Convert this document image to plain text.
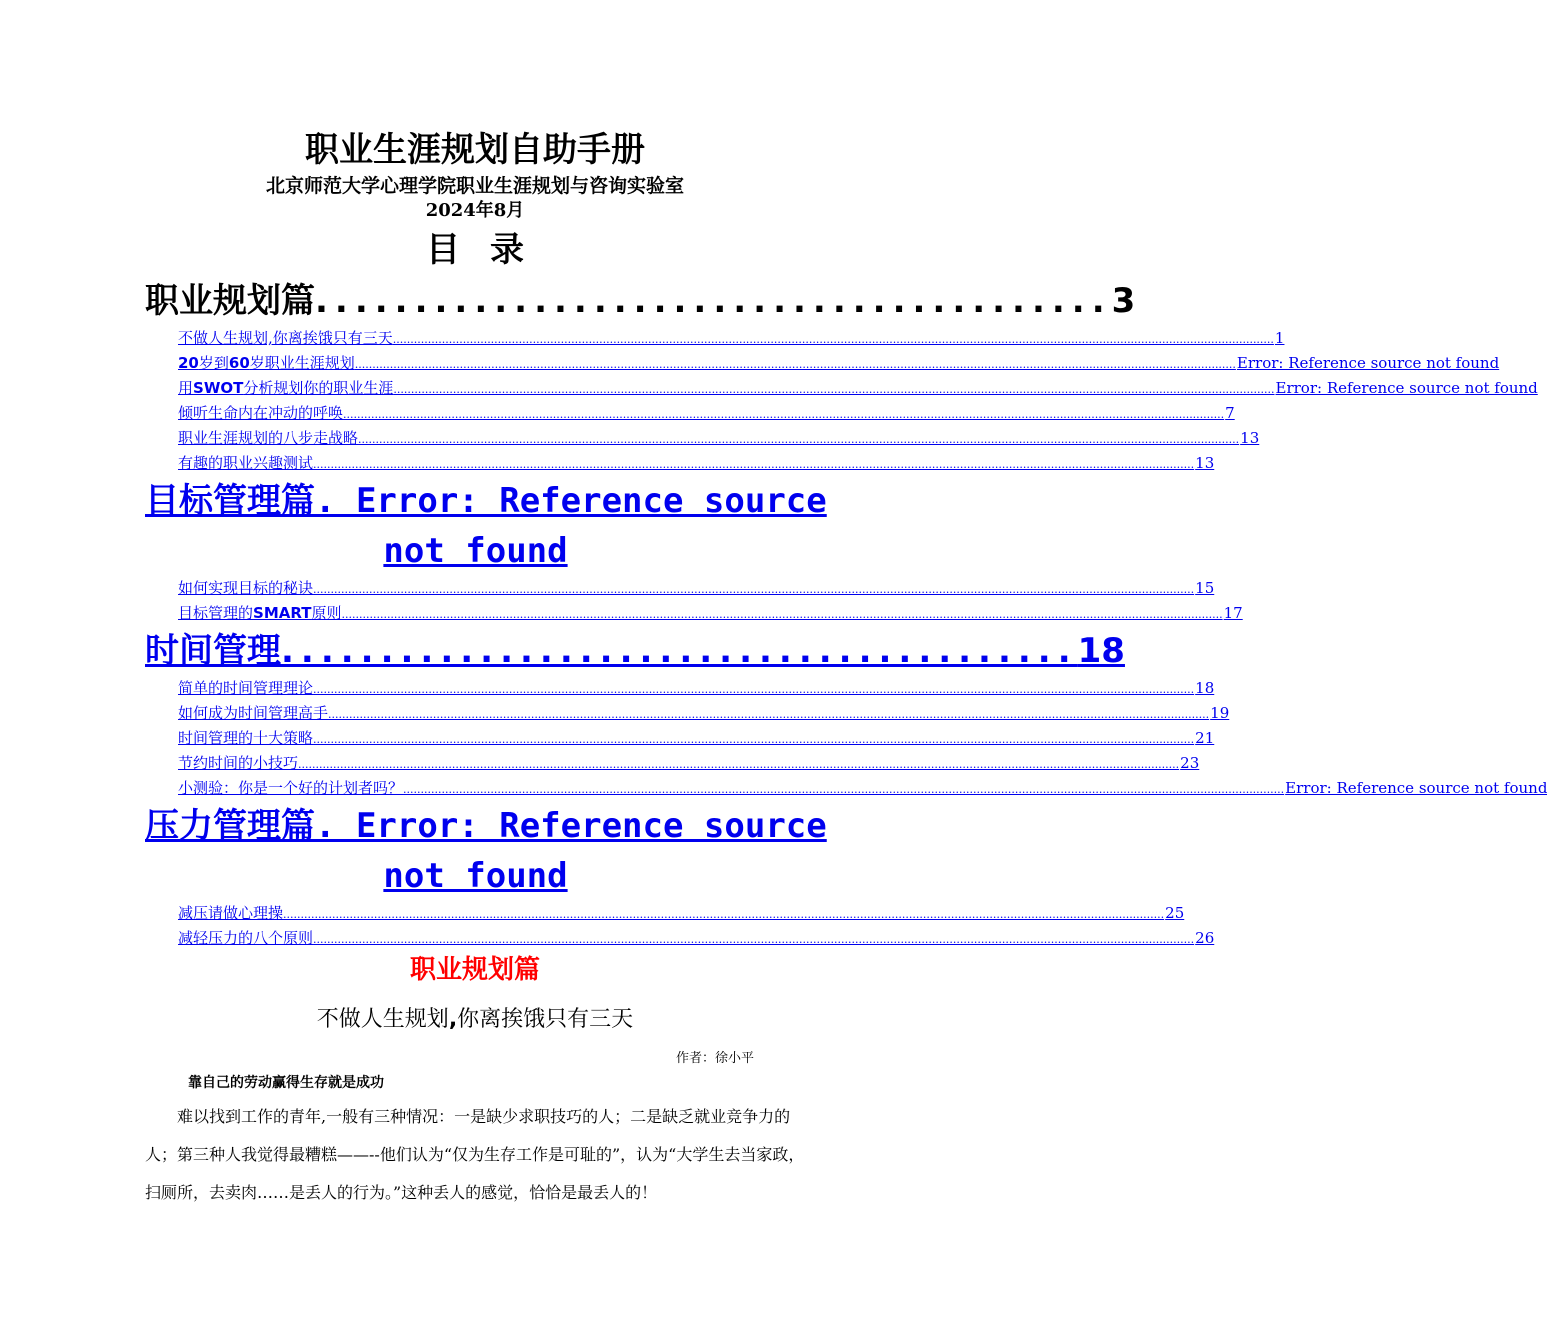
职业生涯规划自助手册
北京师范大学心理学院职业生涯规划与咨询实验室
2024年8月
目录
职业规划篇 ........................................ 3
不做人生规划,你离挨饿只有三天 ............................................................................................................................................................................................................................................................ 1
20岁到60岁职业生涯规划 ............................................................................................................................................................................................................................................................ Error: Reference source not found
用SWOT分析规划你的职业生涯 ............................................................................................................................................................................................................................................................ Error: Reference source not found
倾听生命内在冲动的呼唤 ............................................................................................................................................................................................................................................................ 7
职业生涯规划的八步走战略 ............................................................................................................................................................................................................................................................ 13
有趣的职业兴趣测试 ............................................................................................................................................................................................................................................................ 13
目标管理篇 . Error: Reference source
not found
如何实现目标的秘诀 ............................................................................................................................................................................................................................................................ 15
目标管理的SMART原则 ............................................................................................................................................................................................................................................................ 17
时间管理 ........................................ 18
简单的时间管理理论 ............................................................................................................................................................................................................................................................ 18
如何成为时间管理高手 ............................................................................................................................................................................................................................................................ 19
时间管理的十大策略 ............................................................................................................................................................................................................................................................ 21
节约时间的小技巧 ............................................................................................................................................................................................................................................................ 23
小测验：你是一个好的计划者吗？ ............................................................................................................................................................................................................................................................ Error: Reference source not found
压力管理篇 . Error: Reference source
not found
减压请做心理操 ............................................................................................................................................................................................................................................................ 25
减轻压力的八个原则 ............................................................................................................................................................................................................................................................ 26
职业规划篇
不做人生规划,你离挨饿只有三天
作者：徐小平
靠自己的劳动赢得生存就是成功
难以找到工作的青年,一般有三种情况：一是缺少求职技巧的人；二是缺乏就业竞争力的人；第三种人我觉得最糟糕——--他们认为“仅为生存工作是可耻的”，认为“大学生去当家政，扫厕所，去卖肉……是丢人的行为。”这种丢人的感觉，恰恰是最丢人的！
